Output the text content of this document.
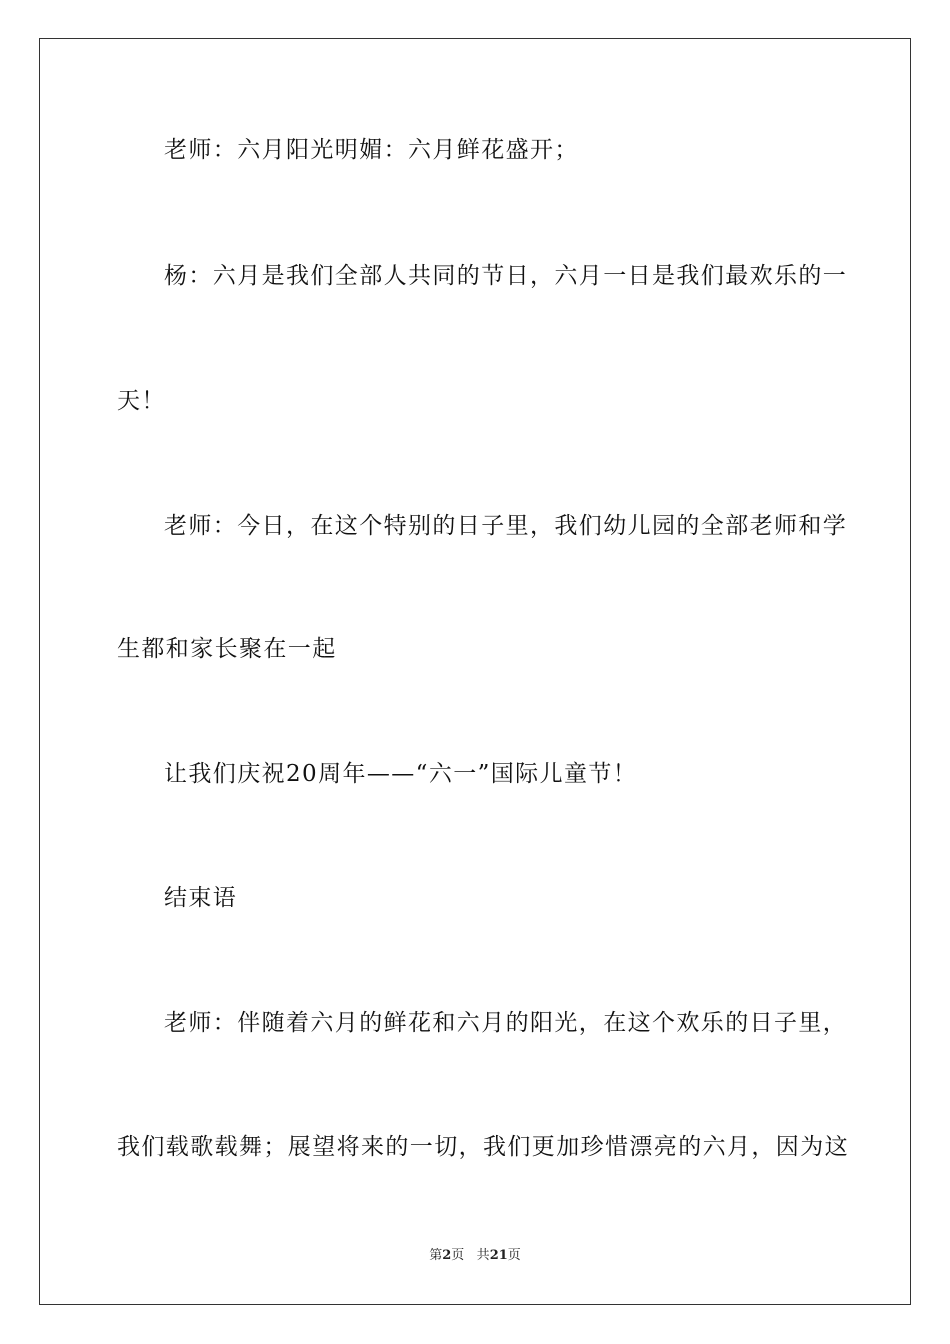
老师：六月阳光明媚：六月鲜花盛开；
杨：六月是我们全部人共同的节日，六月一日是我们最欢乐的一
天！
老师：今日，在这个特别的日子里，我们幼儿园的全部老师和学
生都和家长聚在一起
让我们庆祝20周年——“六一”国际儿童节！
结束语
老师：伴随着六月的鲜花和六月的阳光，在这个欢乐的日子里，
我们载歌载舞；展望将来的一切，我们更加珍惜漂亮的六月，因为这
第2页 共21页
